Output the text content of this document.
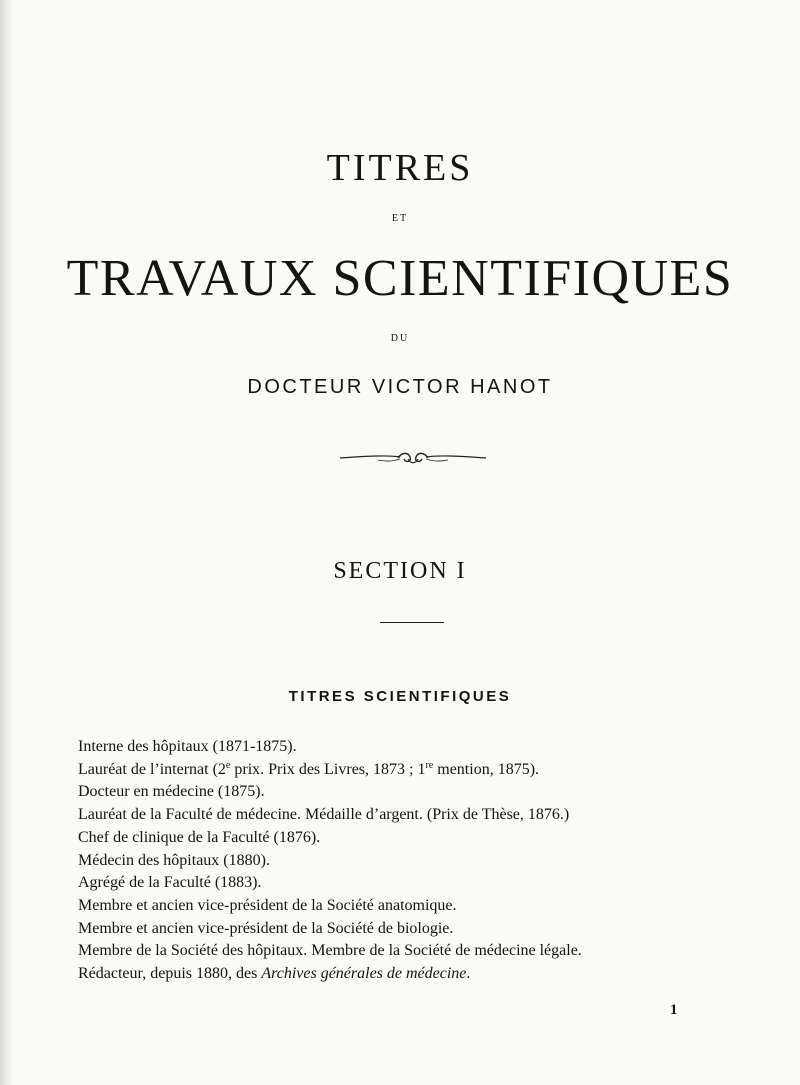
TITRES
ET
TRAVAUX SCIENTIFIQUES
DU
DOCTEUR VICTOR HANOT
SECTION I
TITRES SCIENTIFIQUES
Interne des hôpitaux (1871-1875).
Lauréat de l’internat (2e prix. Prix des Livres, 1873 ; 1re mention, 1875).
Docteur en médecine (1875).
Lauréat de la Faculté de médecine. Médaille d’argent. (Prix de Thèse, 1876.)
Chef de clinique de la Faculté (1876).
Médecin des hôpitaux (1880).
Agrégé de la Faculté (1883).
Membre et ancien vice-président de la Société anatomique.
Membre et ancien vice-président de la Société de biologie.
Membre de la Société des hôpitaux. Membre de la Société de médecine légale.
Rédacteur, depuis 1880, des Archives générales de médecine.
1
